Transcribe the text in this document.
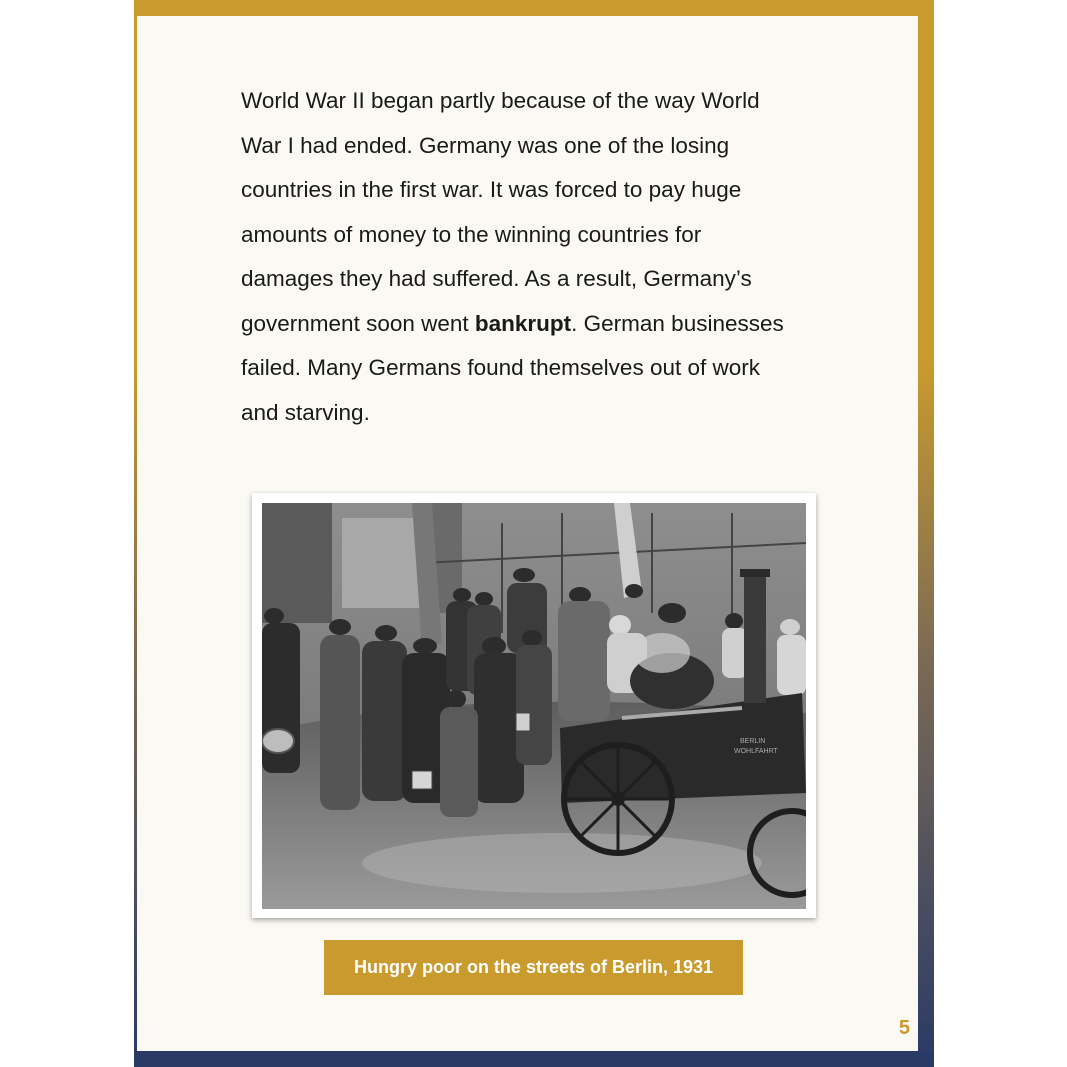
World War II began partly because of the way World
War I had ended. Germany was one of the losing
countries in the first war. It was forced to pay huge
amounts of money to the winning countries for
damages they had suffered. As a result, Germany’s
government soon went bankrupt. German businesses
failed. Many Germans found themselves out of work
and starving.

BERLIN
WOHLFAHRT
Hungry poor on the streets of Berlin, 1931
5
